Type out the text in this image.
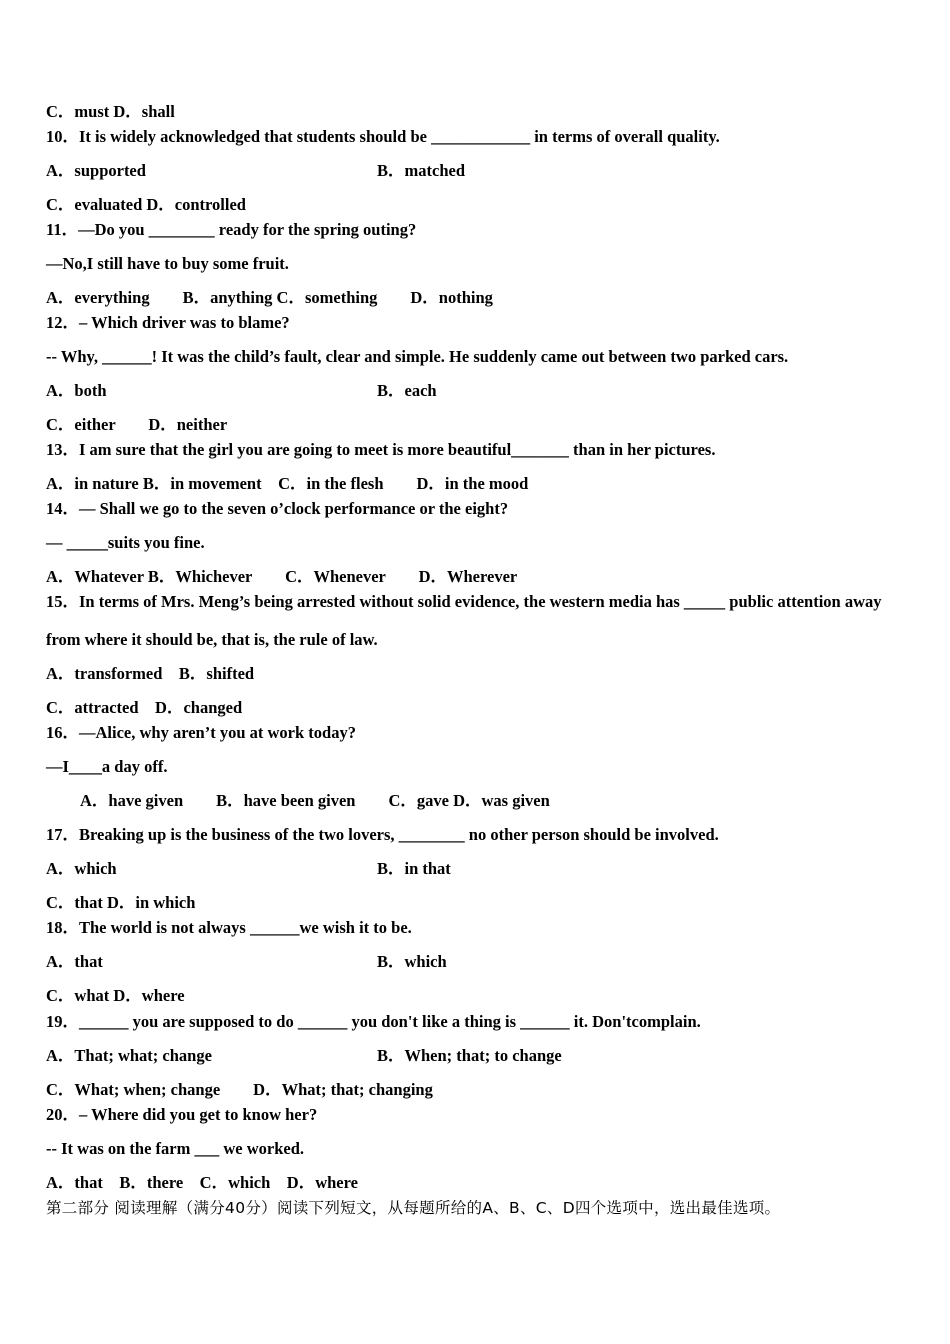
C．must D．shall
10．It is widely acknowledged that students should be ____________ in terms of overall quality.
A．supported	B．matched
C．evaluated D．controlled
11．—Do you ________ ready for the spring outing?
—No,I still have to buy some fruit.
A．everything　　B．anything C．something　　D．nothing
12．– Which driver was to blame?
-- Why, ______! It was the child’s fault, clear and simple. He suddenly came out between two parked cars.
A．both	B．each
C．either　　D．neither
13．I am sure that the girl you are going to meet is more beautiful_______ than in her pictures.
A．in nature B．in movement　C．in the flesh　　D．in the mood
14．— Shall we go to the seven o’clock performance or the eight?
— _____suits you fine.
A．Whatever B．Whichever　　C．Whenever　　D．Wherever
15．In terms of Mrs. Meng’s being arrested without solid evidence, the western media has _____ public attention away
from where it should be, that is, the rule of law.
A．transformed　B．shifted
C．attracted　D．changed
16．—Alice, why aren’t you at work today?
—I____a day off.
A．have given　　B．have been given　　C．gave D．was given
17．Breaking up is the business of the two lovers, ________ no other person should be involved.
A．which	B．in that
C．that D．in which
18．The world is not always ______we wish it to be.
A．that	B．which
C．what D．where
19．______ you are supposed to do ______ you don't like a thing is ______ it. Don'tcomplain.
A．That; what; change	B．When; that; to change
C．What; when; change　　D．What; that; changing
20．– Where did you get to know her?
-- It was on the farm ___ we worked.
A．that　B．there　C．which　D．where
第二部分 阅读理解（满分40分）阅读下列短文，从每题所给的A、B、C、D四个选项中，选出最佳选项。
